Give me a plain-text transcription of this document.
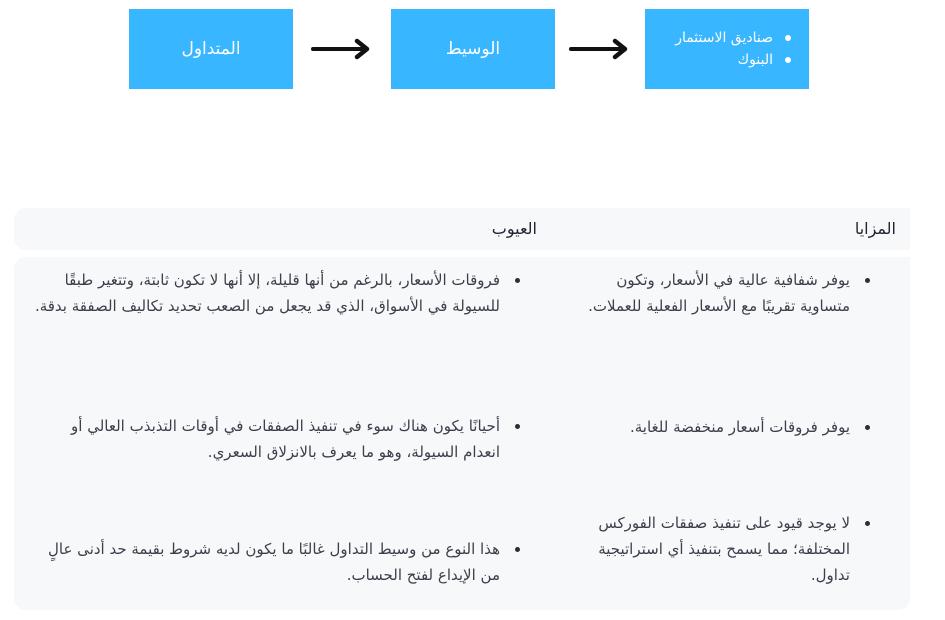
المتداول	الوسيط
صناديق الاستثمار
البنوك
المزايا
العيوب
يوفر شفافية عالية في الأسعار، وتكون متساوية تقريبًا مع الأسعار الفعلية للعملات.
فروقات الأسعار، بالرغم من أنها قليلة، إلا أنها لا تكون ثابتة، وتتغير طبقًا للسيولة في الأسواق، الذي قد يجعل من الصعب تحديد تكاليف الصفقة بدقة.
يوفر فروقات أسعار منخفضة للغاية.
أحيانًا يكون هناك سوء في تنفيذ الصفقات في أوقات التذبذب العالي أو انعدام السيولة، وهو ما يعرف بالانزلاق السعري.
لا يوجد قيود على تنفيذ صفقات الفوركس المختلفة؛ مما يسمح بتنفيذ أي استراتيجية تداول.
هذا النوع من وسيط التداول غالبًا ما يكون لديه شروط بقيمة حد أدنى عالٍ من الإيداع لفتح الحساب.
